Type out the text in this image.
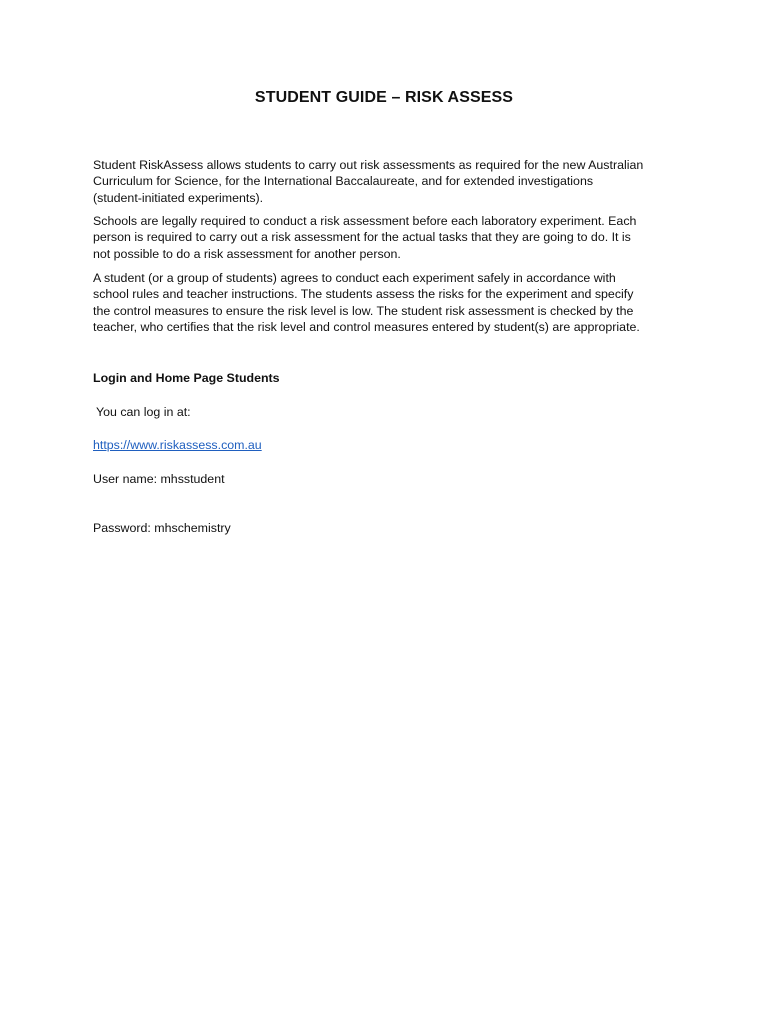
STUDENT GUIDE – RISK ASSESS

Student RiskAssess allows students to carry out risk assessments as required for the new Australian
Curriculum for Science, for the International Baccalaureate, and for extended investigations
(student-initiated experiments).

Schools are legally required to conduct a risk assessment before each laboratory experiment. Each
person is required to carry out a risk assessment for the actual tasks that they are going to do. It is
not possible to do a risk assessment for another person.

A student (or a group of students) agrees to conduct each experiment safely in accordance with
school rules and teacher instructions. The students assess the risks for the experiment and specify
the control measures to ensure the risk level is low. The student risk assessment is checked by the
teacher, who certifies that the risk level and control measures entered by student(s) are appropriate.

Login and Home Page Students

You can log in at:

https://www.riskassess.com.au

User name: mhsstudent

Password: mhschemistry
